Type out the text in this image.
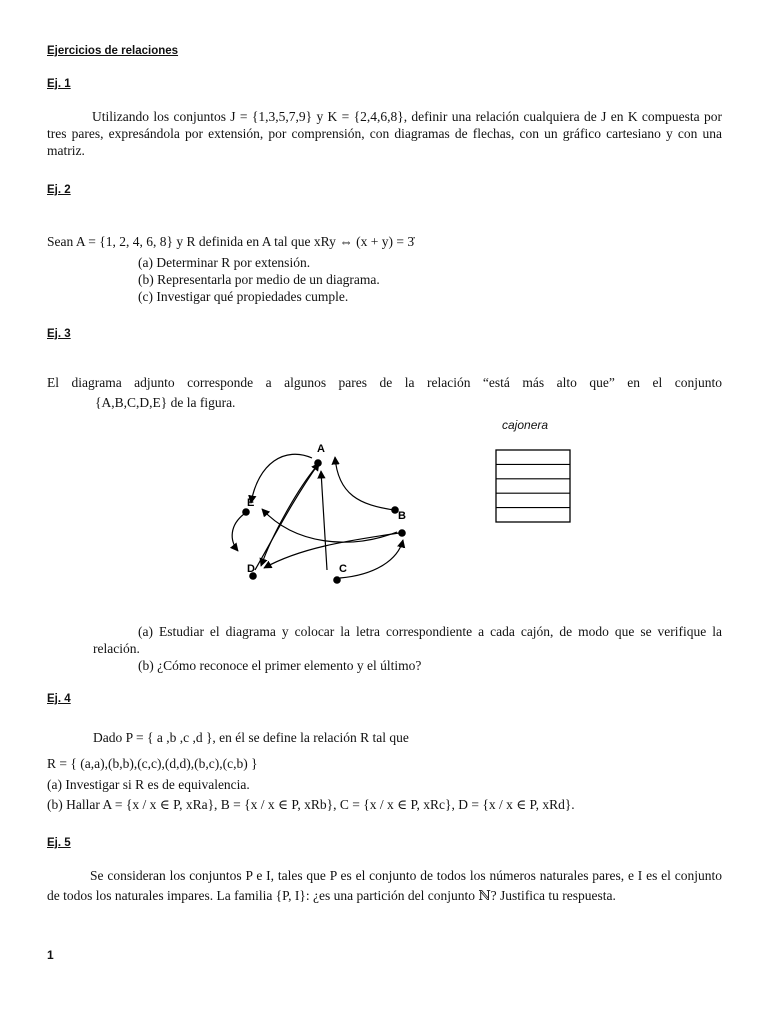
Ejercicios de relaciones
Ej. 1
Utilizando los conjuntos J = {1,3,5,7,9} y K = {2,4,6,8}, definir una relación cualquiera de J en K compuesta por tres pares, expresándola por extensión, por comprensión, con diagramas de flechas, con un gráfico cartesiano y con una matriz.
Ej. 2
Sean A = {1, 2, 4, 6, 8} y R definida en A tal que xRy ⇔ (x + y) = 3̇
(a) Determinar R por extensión.
(b) Representarla por medio de un diagrama.
(c) Investigar qué propiedades cumple.
Ej. 3
El diagrama adjunto corresponde a algunos pares de la relación “está más alto que” en el conjunto
{A,B,C,D,E} de la figura.
cajonera
A
B
C
D
E
(a) Estudiar el diagrama y colocar la letra correspondiente a cada cajón, de modo que se verifique la relación.
(b) ¿Cómo reconoce el primer elemento y el último?
Ej. 4
Dado P = { a ,b ,c ,d }, en él se define la relación R tal que
R = { (a,a),(b,b),(c,c),(d,d),(b,c),(c,b) }
(a) Investigar si R es de equivalencia.
(b) Hallar A = {x / x ∈ P, xRa}, B = {x / x ∈ P, xRb}, C = {x / x ∈ P, xRc}, D = {x / x ∈ P, xRd}.
Ej. 5
Se consideran los conjuntos P e I, tales que P es el conjunto de todos los números naturales pares, e I es el conjunto de todos los naturales impares. La familia {P, I}: ¿es una partición del conjunto ℕ? Justifica tu respuesta.
1
